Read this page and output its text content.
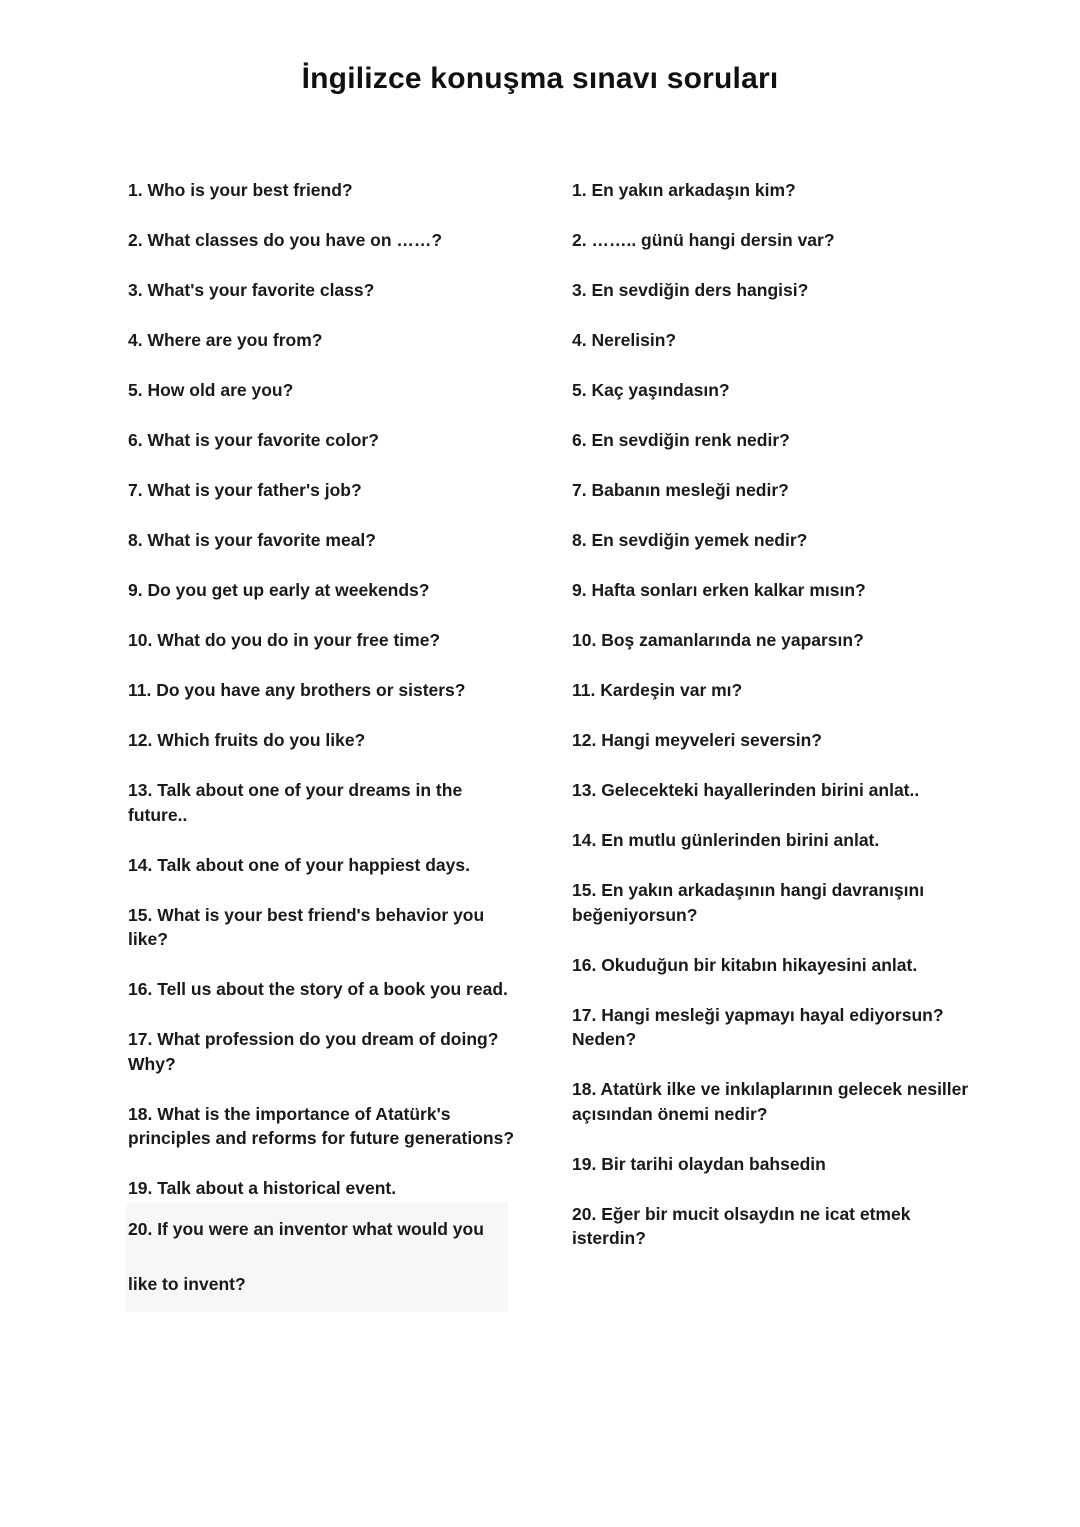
İngilizce konuşma sınavı soruları
1. Who is your best friend?
2. What classes do you have on ……?
3. What's your favorite class?
4. Where are you from?
5. How old are you?
6. What is your favorite color?
7. What is your father's job?
8. What is your favorite meal?
9. Do you get up early at weekends?
10. What do you do in your free time?
11. Do you have any brothers or sisters?
12. Which fruits do you like?
13. Talk about one of your dreams in the future..
14. Talk about one of your happiest days.
15. What is your best friend's behavior you like?
16. Tell us about the story of a book you read.
17. What profession do you dream of doing? Why?
18. What is the importance of Atatürk's principles and reforms for future generations?
19. Talk about a historical event.
20. If you were an inventor what would you like to invent?
1. En yakın arkadaşın kim?
2. …….. günü hangi dersin var?
3. En sevdiğin ders hangisi?
4. Nerelisin?
5. Kaç yaşındasın?
6. En sevdiğin renk nedir?
7. Babanın mesleği nedir?
8. En sevdiğin yemek nedir?
9. Hafta sonları erken kalkar mısın?
10. Boş zamanlarında ne yaparsın?
11. Kardeşin var mı?
12. Hangi meyveleri seversin?
13. Gelecekteki hayallerinden birini anlat..
14. En mutlu günlerinden birini anlat.
15. En yakın arkadaşının hangi davranışını beğeniyorsun?
16. Okuduğun bir kitabın hikayesini anlat.
17. Hangi mesleği yapmayı hayal ediyorsun? Neden?
18. Atatürk ilke ve inkılaplarının gelecek nesiller açısından önemi nedir?
19. Bir tarihi olaydan bahsedin
20. Eğer bir mucit olsaydın ne icat etmek isterdin?
